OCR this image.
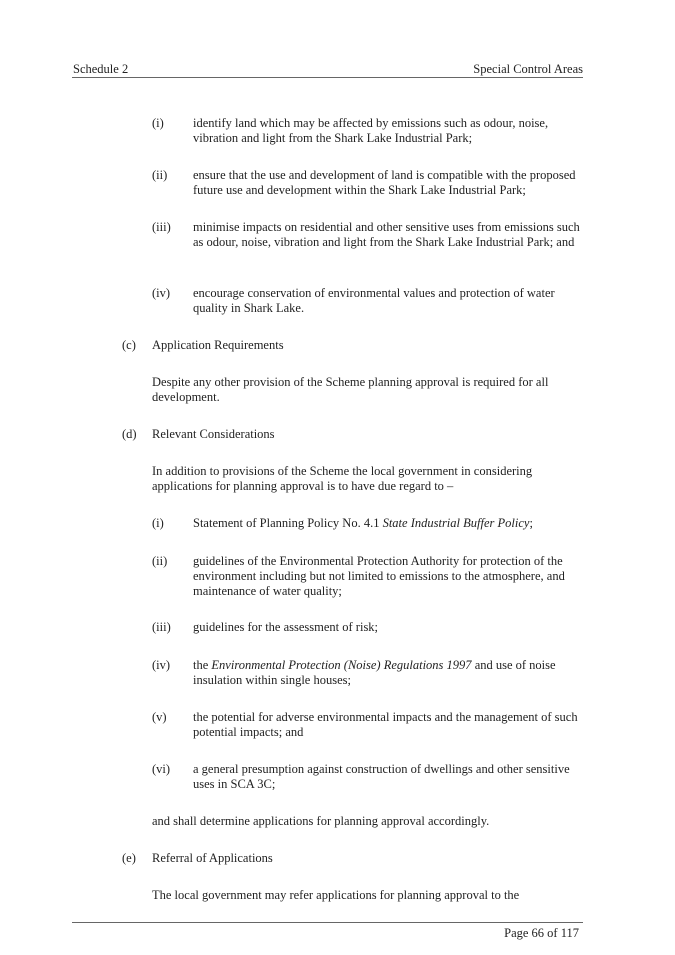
Schedule 2	Special Control Areas
(i) identify land which may be affected by emissions such as odour, noise, vibration and light from the Shark Lake Industrial Park;
(ii) ensure that the use and development of land is compatible with the proposed future use and development within the Shark Lake Industrial Park;
(iii) minimise impacts on residential and other sensitive uses from emissions such as odour, noise, vibration and light from the Shark Lake Industrial Park; and
(iv) encourage conservation of environmental values and protection of water quality in Shark Lake.
(c) Application Requirements
Despite any other provision of the Scheme planning approval is required for all development.
(d) Relevant Considerations
In addition to provisions of the Scheme the local government in considering applications for planning approval is to have due regard to –
(i) Statement of Planning Policy No. 4.1 State Industrial Buffer Policy;
(ii) guidelines of the Environmental Protection Authority for protection of the environment including but not limited to emissions to the atmosphere, and maintenance of water quality;
(iii) guidelines for the assessment of risk;
(iv) the Environmental Protection (Noise) Regulations 1997 and use of noise insulation within single houses;
(v) the potential for adverse environmental impacts and the management of such potential impacts; and
(vi) a general presumption against construction of dwellings and other sensitive uses in SCA 3C;
and shall determine applications for planning approval accordingly.
(e) Referral of Applications
The local government may refer applications for planning approval to the
Page 66 of 117
